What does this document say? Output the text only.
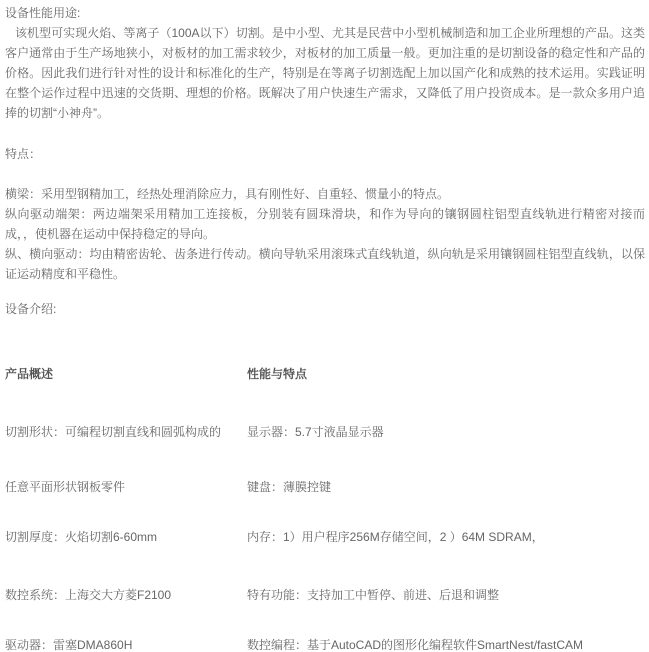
设备性能用途:
该机型可实现火焰、等离子（100A以下）切割。是中小型、尤其是民营中小型机械制造和加工企业所理想的产品。这类客户通常由于生产场地狭小，对板材的加工需求较少，对板材的加工质量一般。更加注重的是切割设备的稳定性和产品的价格。因此我们进行针对性的设计和标准化的生产，特别是在等离子切割选配上加以国产化和成熟的技术运用。实践证明在整个运作过程中迅速的交货期、理想的价格。既解决了用户快速生产需求，又降低了用户投资成本。是一款众多用户追捧的切割“小神舟”。
特点：
横梁：采用型钢精加工，经热处理消除应力，具有刚性好、自重轻、惯量小的特点。
纵向驱动端架：两边端架采用精加工连接板，分别装有圆珠滑块，和作为导向的镶钢圆柱铝型直线轨进行精密对接而成，，使机器在运动中保持稳定的导向。
纵、横向驱动：均由精密齿轮、齿条进行传动。横向导轨采用滚珠式直线轨道，纵向轨是采用镶钢圆柱铝型直线轨，以保证运动精度和平稳性。
设备介绍:
产品概述	性能与特点
切割形状：可编程切割直线和圆弧构成的	显示器：5.7寸液晶显示器
任意平面形状钢板零件	键盘：薄膜控键
切割厚度：火焰切割6-60mm	内存：1）用户程序256M存储空间，2 ）64M SDRAM，
数控系统：上海交大方菱F2100	特有功能：支持加工中暂停、前进、后退和调整
驱动器：雷塞DMA860H	数控编程：基于AutoCAD的图形化编程软件SmartNest/fastCAM
